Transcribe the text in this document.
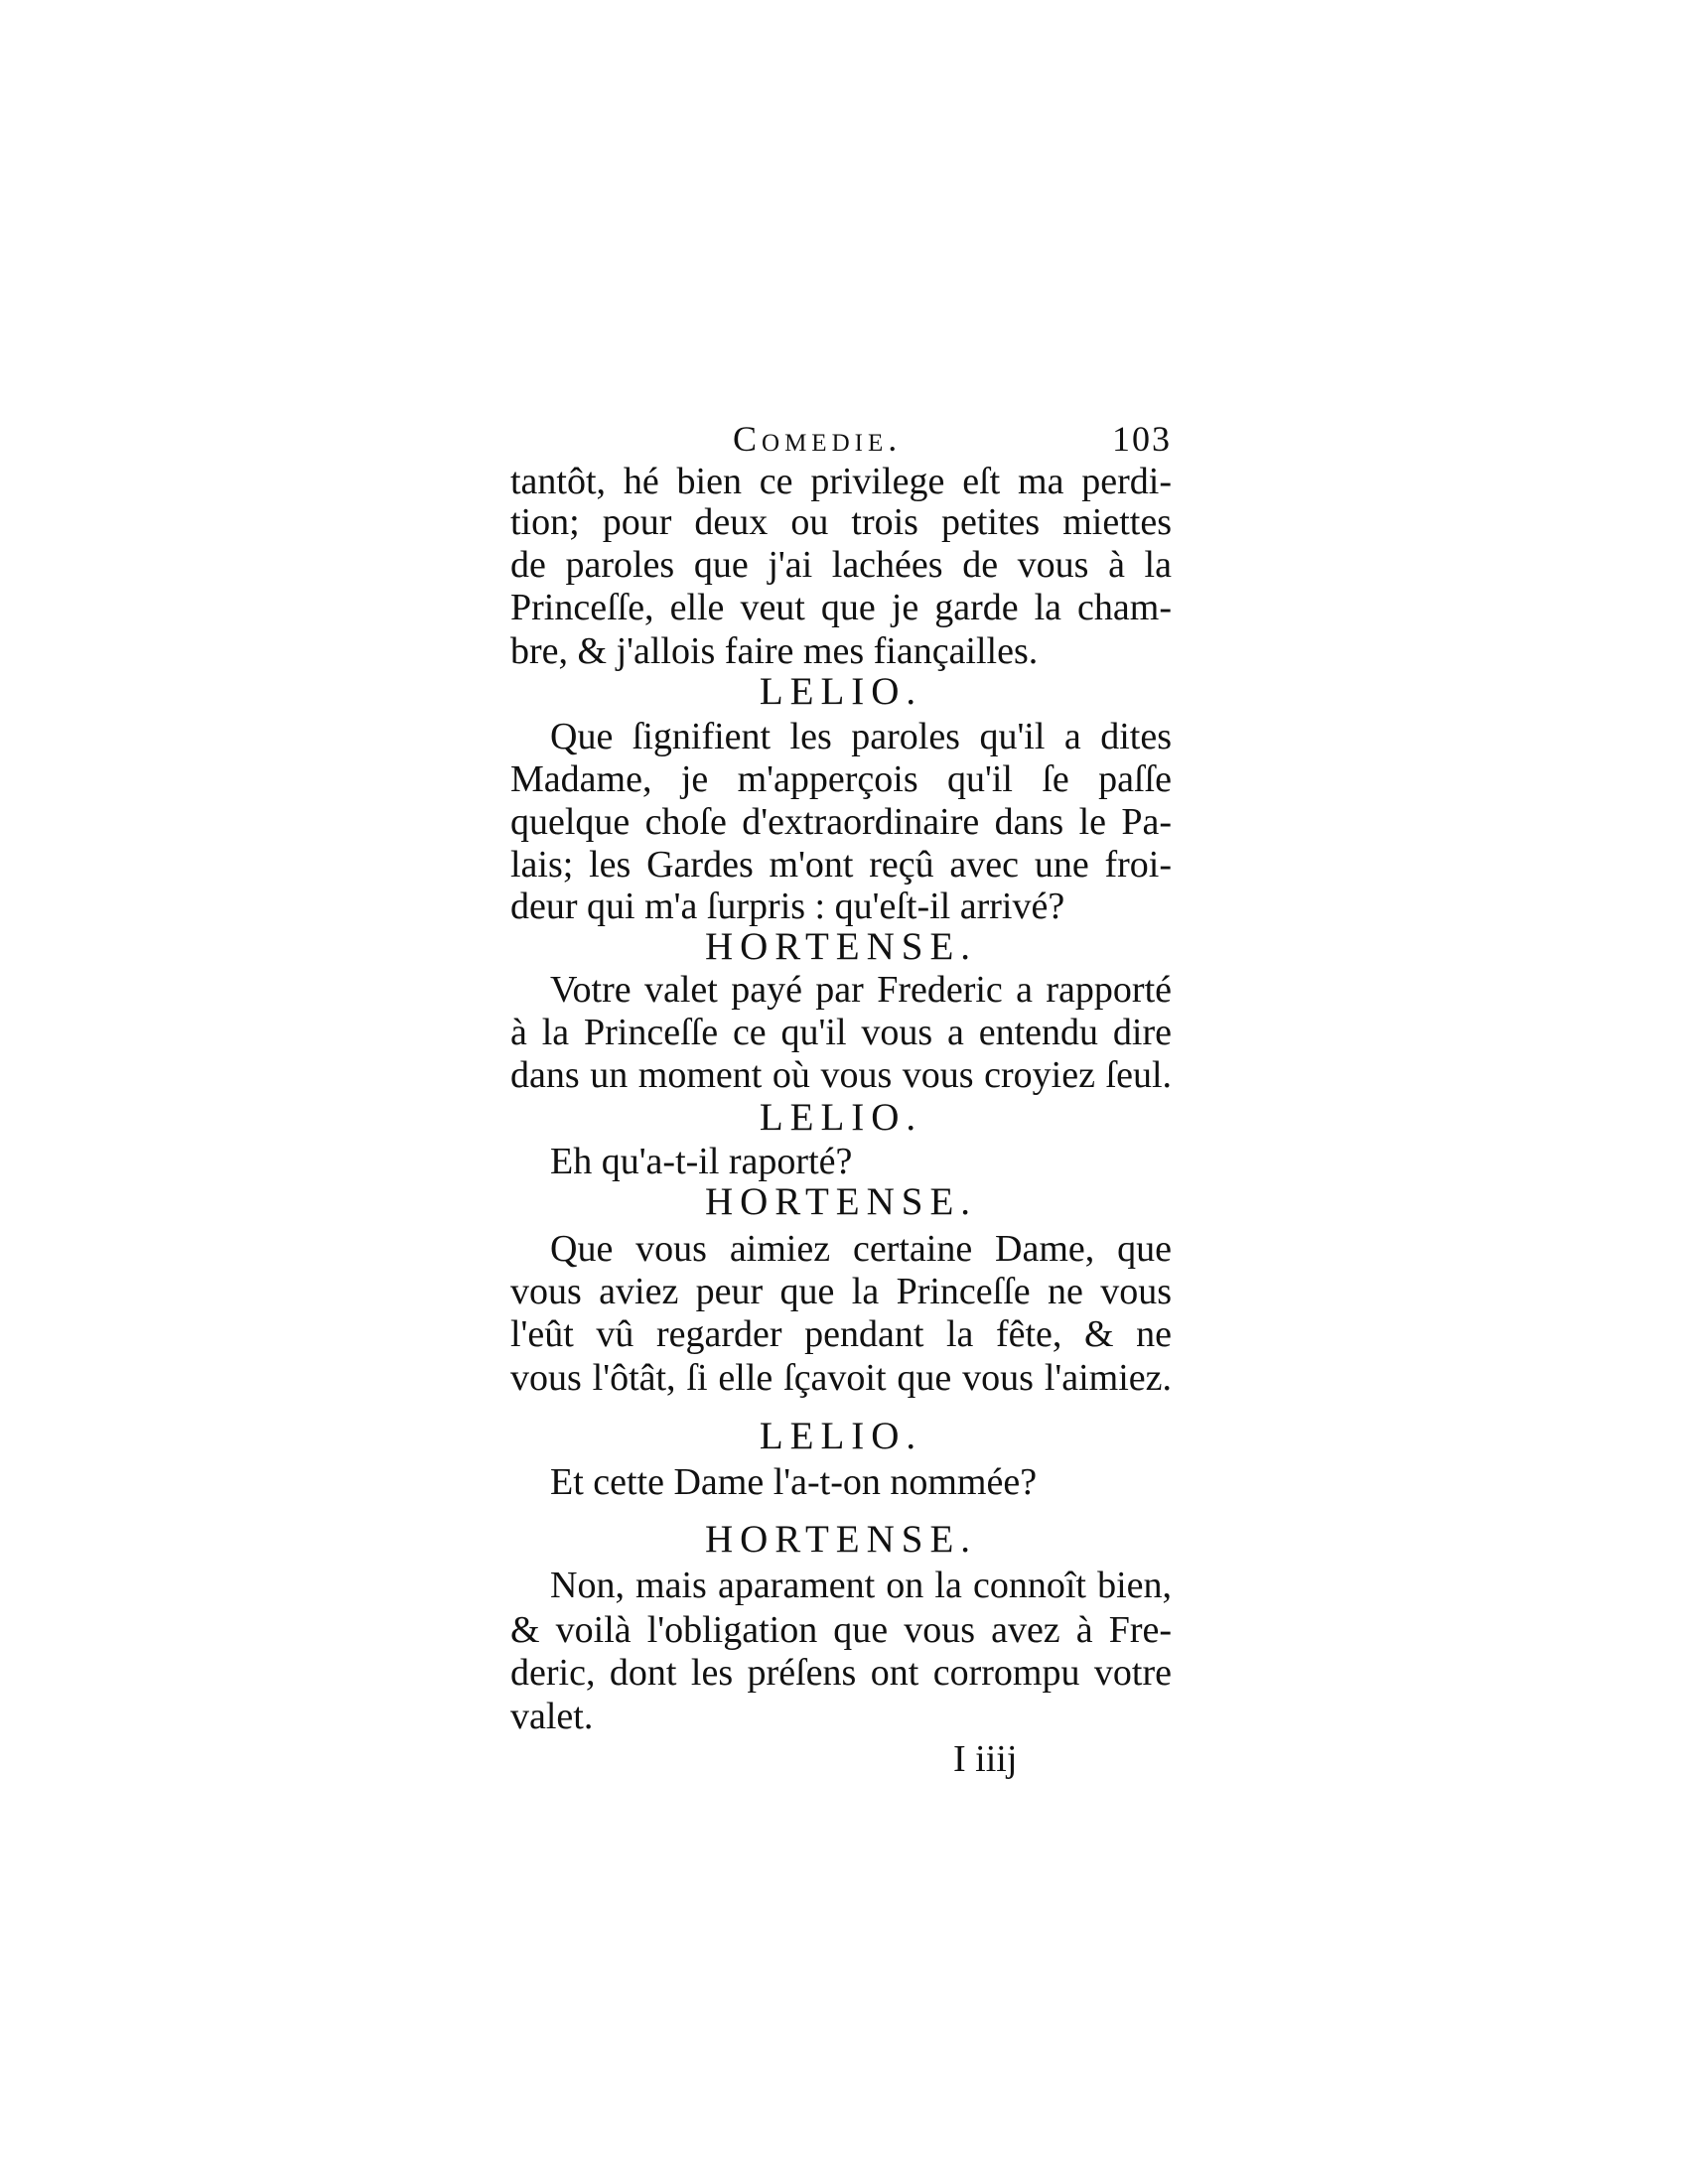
Comedie.	103
tantôt, hé bien ce privilege eſt ma perdi-
tion; pour deux ou trois petites miettes
de paroles que j'ai lachées de vous à la
Princeſſe, elle veut que je garde la cham-
bre, & j'allois faire mes fiançailles.
LELIO.
Que ſignifient les paroles qu'il a dites
Madame, je m'apperçois qu'il ſe paſſe
quelque choſe d'extraordinaire dans le Pa-
lais; les Gardes m'ont reçû avec une froi-
deur qui m'a ſurpris : qu'eſt-il arrivé?
HORTENSE.
Votre valet payé par Frederic a rapporté
à la Princeſſe ce qu'il vous a entendu dire
dans un moment où vous vous croyiez ſeul.
LELIO.
Eh qu'a-t-il raporté?
HORTENSE.
Que vous aimiez certaine Dame, que
vous aviez peur que la Princeſſe ne vous
l'eût vû regarder pendant la fête, & ne
vous l'ôtât, ſi elle ſçavoit que vous l'aimiez.
LELIO.
Et cette Dame l'a-t-on nommée?
HORTENSE.
Non, mais aparament on la connoît bien,
& voilà l'obligation que vous avez à Fre-
deric, dont les préſens ont corrompu votre
valet.
I iiij
